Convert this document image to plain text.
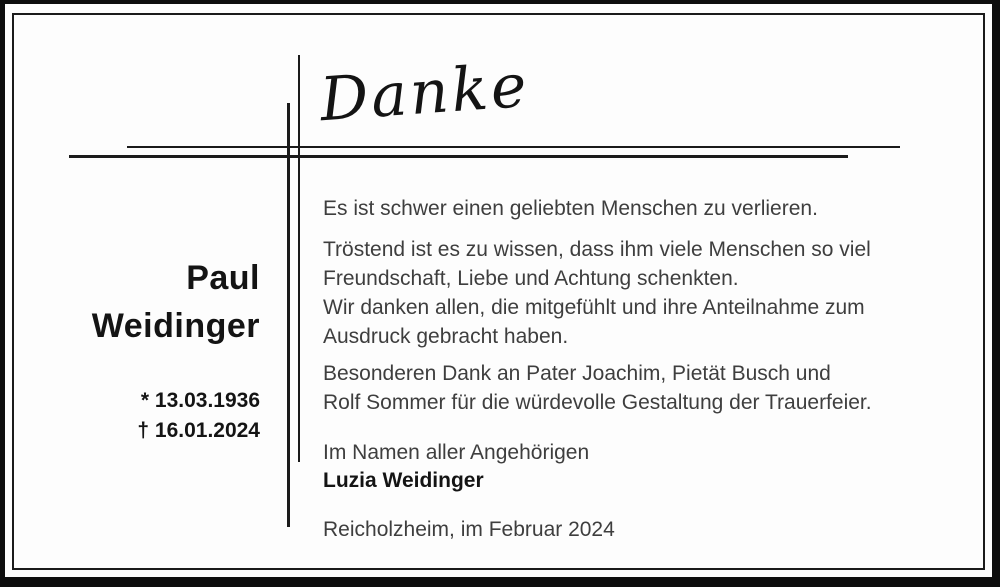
Danke
Paul
Weidinger
* 13.03.1936
† 16.01.2024
Es ist schwer einen geliebten Menschen zu verlieren.
Tröstend ist es zu wissen, dass ihm viele Menschen so viel
Freundschaft, Liebe und Achtung schenkten.
Wir danken allen, die mitgefühlt und ihre Anteilnahme zum
Ausdruck gebracht haben.
Besonderen Dank an Pater Joachim, Pietät Busch und
Rolf Sommer für die würdevolle Gestaltung der Trauerfeier.
Im Namen aller Angehörigen
Luzia Weidinger
Reicholzheim, im Februar 2024
